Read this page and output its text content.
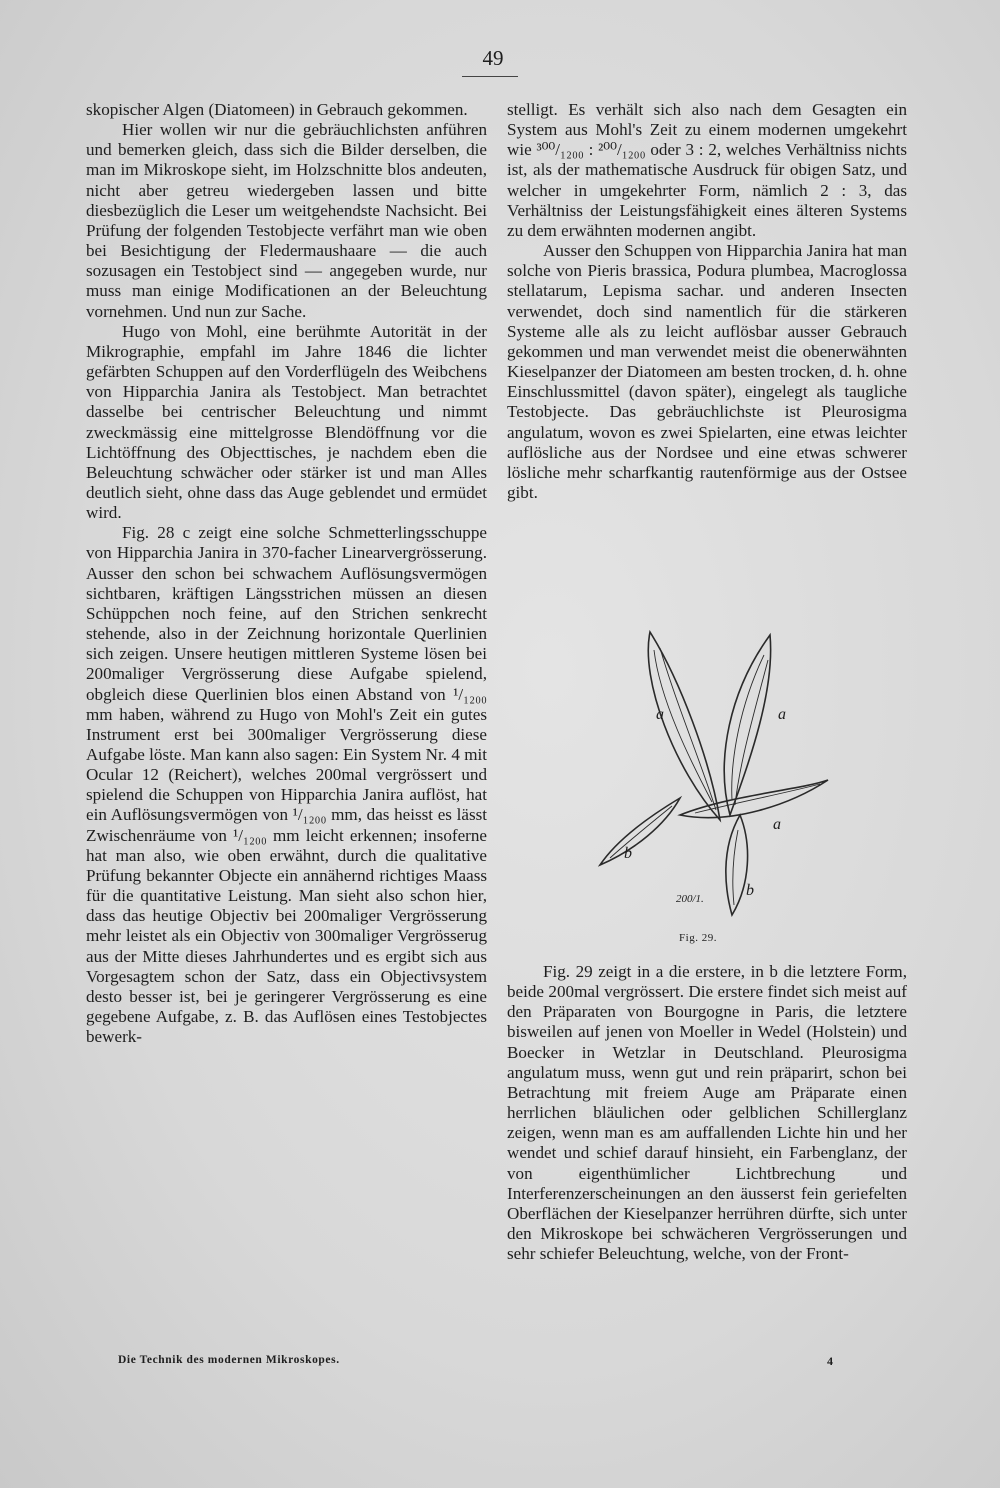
49

skopischer Algen (Diatomeen) in Gebrauch gekommen.

Hier wollen wir nur die gebräuchlichsten anführen und bemerken gleich, dass sich die Bilder derselben, die man im Mikroskope sieht, im Holzschnitte blos andeuten, nicht aber getreu wiedergeben lassen und bitte diesbezüglich die Leser um weitgehendste Nachsicht. Bei Prüfung der folgenden Testobjecte verfährt man wie oben bei Besichtigung der Fledermaushaare — die auch sozusagen ein Testobject sind — angegeben wurde, nur muss man einige Modificationen an der Beleuchtung vornehmen. Und nun zur Sache.

Hugo von Mohl, eine berühmte Autorität in der Mikrographie, empfahl im Jahre 1846 die lichter gefärbten Schuppen auf den Vorderflügeln des Weibchens von Hipparchia Janira als Testobject. Man betrachtet dasselbe bei centrischer Beleuchtung und nimmt zweckmässig eine mittelgrosse Blendöffnung vor die Lichtöffnung des Objecttisches, je nachdem eben die Beleuchtung schwächer oder stärker ist und man Alles deutlich sieht, ohne dass das Auge geblendet und ermüdet wird.

Fig. 28 c zeigt eine solche Schmetterlingsschuppe von Hipparchia Janira in 370-facher Linearvergrösserung. Ausser den schon bei schwachem Auflösungsvermögen sichtbaren, kräftigen Längsstrichen müssen an diesen Schüppchen noch feine, auf den Strichen senkrecht stehende, also in der Zeichnung horizontale Querlinien sich zeigen. Unsere heutigen mittleren Systeme lösen bei 200maliger Vergrösserung diese Aufgabe spielend, obgleich diese Querlinien blos einen Abstand von ¹/₁₂₀₀ mm haben, während zu Hugo von Mohl's Zeit ein gutes Instrument erst bei 300maliger Vergrösserung diese Aufgabe löste. Man kann also sagen: Ein System Nr. 4 mit Ocular 12 (Reichert), welches 200mal vergrössert und spielend die Schuppen von Hipparchia Janira auflöst, hat ein Auflösungsvermögen von ¹/₁₂₀₀ mm, das heisst es lässt Zwischenräume von ¹/₁₂₀₀ mm leicht erkennen; insoferne hat man also, wie oben erwähnt, durch die qualitative Prüfung bekannter Objecte ein annähernd richtiges Maass für die quantitative Leistung. Man sieht also schon hier, dass das heutige Objectiv bei 200maliger Vergrösserung mehr leistet als ein Objectiv von 300maliger Vergrösserug aus der Mitte dieses Jahrhundertes und es ergibt sich aus Vorgesagtem schon der Satz, dass ein Objectivsystem desto besser ist, bei je geringerer Vergrösserung es eine gegebene Aufgabe, z. B. das Auflösen eines Testobjectes bewerk-

stelligt. Es verhält sich also nach dem Gesagten ein System aus Mohl's Zeit zu einem modernen umgekehrt wie ³⁰⁰/₁₂₀₀ : ²⁰⁰/₁₂₀₀ oder 3 : 2, welches Verhältniss nichts ist, als der mathematische Ausdruck für obigen Satz, und welcher in umgekehrter Form, nämlich 2 : 3, das Verhältniss der Leistungsfähigkeit eines älteren Systems zu dem erwähnten modernen angibt.

Ausser den Schuppen von Hipparchia Janira hat man solche von Pieris brassica, Podura plumbea, Macroglossa stellatarum, Lepisma sachar. und anderen Insecten verwendet, doch sind namentlich für die stärkeren Systeme alle als zu leicht auflösbar ausser Gebrauch gekommen und man verwendet meist die obenerwähnten Kieselpanzer der Diatomeen am besten trocken, d. h. ohne Einschlussmittel (davon später), eingelegt als taugliche Testobjecte. Das gebräuchlichste ist Pleurosigma angulatum, wovon es zwei Spielarten, eine etwas leichter auflösliche aus der Nordsee und eine etwas schwerer lösliche mehr scharfkantig rautenförmige aus der Ostsee gibt.

a	a
a
b
b
200/1.
Fig. 29.

Fig. 29 zeigt in a die erstere, in b die letztere Form, beide 200mal vergrössert. Die erstere findet sich meist auf den Präparaten von Bourgogne in Paris, die letztere bisweilen auf jenen von Moeller in Wedel (Holstein) und Boecker in Wetzlar in Deutschland. Pleurosigma angulatum muss, wenn gut und rein präparirt, schon bei Betrachtung mit freiem Auge am Präparate einen herrlichen bläulichen oder gelblichen Schillerglanz zeigen, wenn man es am auffallenden Lichte hin und her wendet und schief darauf hinsieht, ein Farbenglanz, der von eigenthümlicher Lichtbrechung und Interferenzerscheinungen an den äusserst fein geriefelten Oberflächen der Kieselpanzer herrühren dürfte, sich unter den Mikroskope bei schwächeren Vergrösserungen und sehr schiefer Beleuchtung, welche, von der Front-

Die Technik des modernen Mikroskopes.	4
